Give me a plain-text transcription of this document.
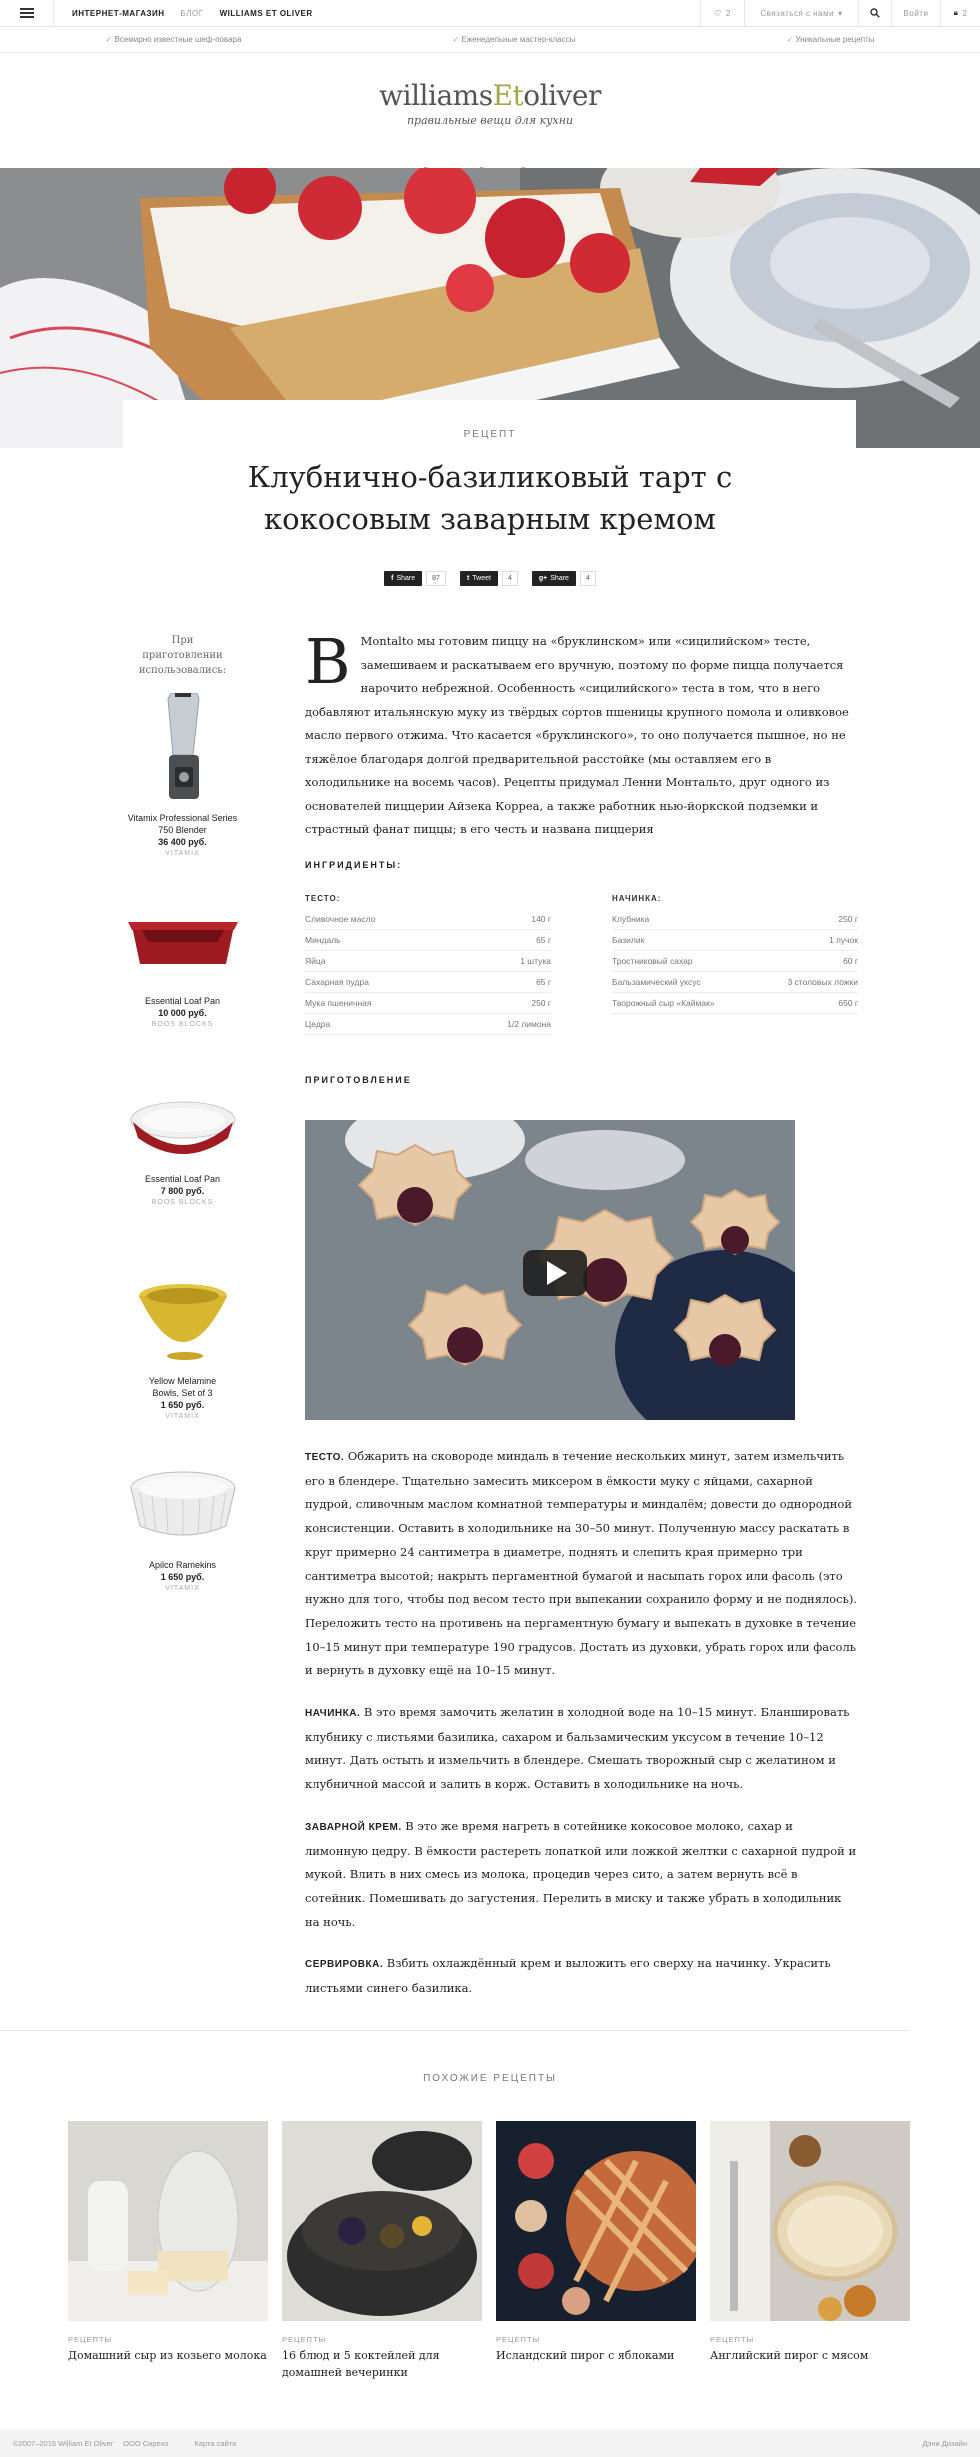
ИНТЕРНЕТ-МАГАЗИН БЛОГ WILLIAMS ET OLIVER	♡ 2	Связаться с нами ▾	Войти	🔒︎ 2
✓ Всемирно известные шеф-повара	✓ Еженедельные мастер-классы	✓ Уникальные рецепты
williamsEtoliver
правильные вещи для кухни
РЕЦЕПТ
Клубнично-базиликовый тарт с кокосовым заварным кремом
f Share	87	t Tweet	4	g+ Share	4
При приготовлении использовались:
Vitamix Professional Series 750 Blender
36 400 руб.
VITAMIX
Essential Loaf Pan
10 000 руб.
BOOS BLOCKS
Essential Loaf Pan
7 800 руб.
BOOS BLOCKS
Yellow Melamine Bowls, Set of 3
1 650 руб.
VITAMIX
Apilco Ramekins
1 650 руб.
VITAMIX

В Montalto мы готовим пиццу на «бруклинском» или «сицилийском» тесте, замешиваем и раскатываем его вручную, поэтому по форме пицца получается нарочито небрежной. Особенность «сицилийского» теста в том, что в него добавляют итальянскую муку из твёрдых сортов пшеницы крупного помола и оливковое масло первого отжима. Что касается «бруклинского», то оно получается пышное, но не тяжёлое благодаря долгой предварительной расстойке (мы оставляем его в холодильнике на восемь часов). Рецепты придумал Ленни Монтальто, друг одного из основателей пиццерии Айзека Корреа, а также работник нью-йоркской подземки и страстный фанат пиццы; в его честь и названа пиццерия

ИНГРИДИЕНТЫ:
ТЕСТО:
Сливочное масло	140 г
Миндаль	65 г
Яйца	1 штука
Сахарная пудра	65 г
Мука пшеничная	250 г
Цедра	1/2 лимона
НАЧИНКА:
Клубника	250 г
Базилик	1 пучок
Тростниковый сахар	60 г
Бальзамический уксус	3 столовых ложки
Творожный сыр «Каймак»	650 г
ПРИГОТОВЛЕНИЕ

ТЕСТО. Обжарить на сковороде миндаль в течение нескольких минут, затем измельчить его в блендере. Тщательно замесить миксером в ёмкости муку с яйцами, сахарной пудрой, сливочным маслом комнатной температуры и миндалём; довести до однородной консистенции. Оставить в холодильнике на 30–50 минут. Полученную массу раскатать в круг примерно 24 сантиметра в диаметре, поднять и слепить края примерно три сантиметра высотой; накрыть пергаментной бумагой и насыпать горох или фасоль (это нужно для того, чтобы под весом тесто при выпекании сохранило форму и не поднялось). Переложить тесто на противень на пергаментную бумагу и выпекать в духовке в течение 10–15 минут при температуре 190 градусов. Достать из духовки, убрать горох или фасоль и вернуть в духовку ещё на 10–15 минут.

НАЧИНКА. В это время замочить желатин в холодной воде на 10–15 минут. Бланшировать клубнику с листьями базилика, сахаром и бальзамическим уксусом в течение 10–12 минут. Дать остыть и измельчить в блендере. Смешать творожный сыр с желатином и клубничной массой и залить в корж. Оставить в холодильнике на ночь.

ЗАВАРНОЙ КРЕМ. В это же время нагреть в сотейнике кокосовое молоко, сахар и лимонную цедру. В ёмкости растереть лопаткой или ложкой желтки с сахарной пудрой и мукой. Влить в них смесь из молока, процедив через сито, а затем вернуть всё в сотейник. Помешивать до загустения. Перелить в миску и также убрать в холодильник на ночь.

СЕРВИРОВКА. Взбить охлаждённый крем и выложить его сверху на начинку. Украсить листьями синего базилика.

ПОХОЖИЕ РЕЦЕПТЫ
РЕЦЕПТЫ
Домашний сыр из козьего молока
РЕЦЕПТЫ
16 блюд и 5 коктейлей для домашней вечеринки
РЕЦЕПТЫ
Исландский пирог с яблоками
РЕЦЕПТЫ
Английский пирог с мясом
©2007–2015 William Et Oliver ООО Сирехо	Карта сайта	Дэни Дизайн
